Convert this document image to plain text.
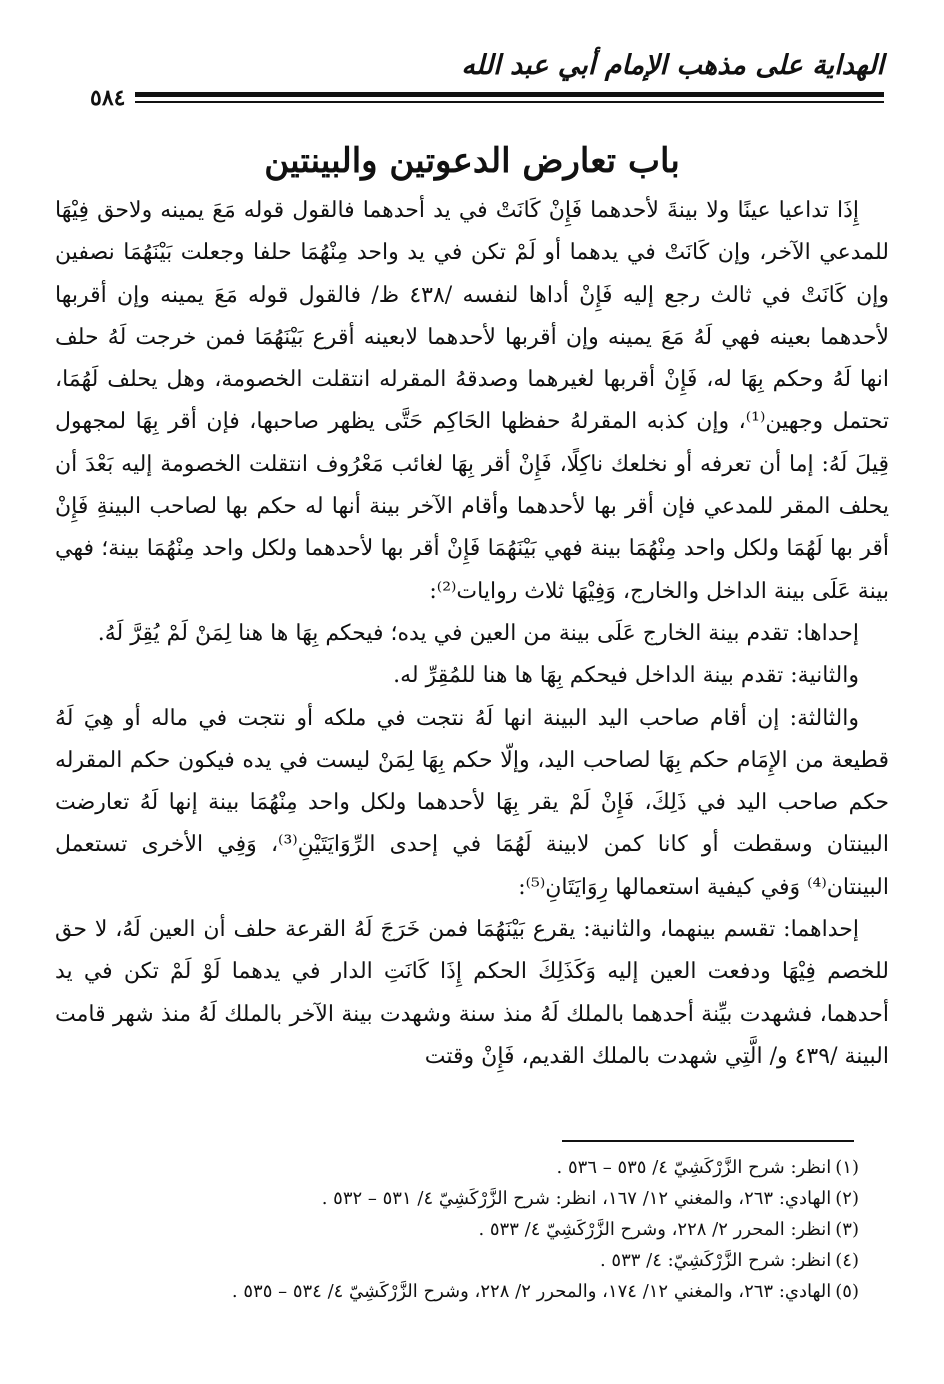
الهداية على مذهب الإمام أبي عبد الله
٥٨٤
باب تعارض الدعوتين والبينتين

إِذَا تداعيا عينًا ولا بينةَ لأحدهما فَإِنْ كَانَتْ في يد أحدهما فالقول قوله مَعَ يمينه ولاحق فِيْهَا للمدعي الآخر، وإن كَانَتْ في يدهما أو لَمْ تكن في يد واحد مِنْهُمَا حلفا وجعلت بَيْنَهُمَا نصفين وإن كَانَتْ في ثالث رجع إليه فَإِنْ أداها لنفسه /٤٣٨ ظ/ فالقول قوله مَعَ يمينه وإن أقربها لأحدهما بعينه فهي لَهُ مَعَ يمينه وإن أقربها لأحدهما لابعينه أقرع بَيْنَهُمَا فمن خرجت لَهُ حلف انها لَهُ وحكم بِهَا له، فَإِنْ أقربها لغيرهما وصدقهُ المقرله انتقلت الخصومة، وهل يحلف لَهُمَا، تحتمل وجهين⁽¹⁾، وإن كذبه المقرلهُ حفظها الحَاكِم حَتَّى يظهر صاحبها، فإن أقر بِهَا لمجهول قِيلَ لَهُ: إما أن تعرفه أو نخلعك ناكِلًا، فَإِنْ أقر بِهَا لغائب مَعْرُوف انتقلت الخصومة إليه بَعْدَ أن يحلف المقر للمدعي فإن أقر بها لأحدهما وأقام الآخر بينة أنها له حكم بها لصاحب البينةِ فَإِنْ أقر بها لَهُمَا ولكل واحد مِنْهُمَا بينة فهي بَيْنَهُمَا فَإِنْ أقر بها لأحدهما ولكل واحد مِنْهُمَا بينة؛ فهي بينة عَلَى بينة الداخل والخارج، وَفِيْهَا ثلاث روايات⁽²⁾:

إحداها: تقدم بينة الخارج عَلَى بينة من العين في يده؛ فيحكم بِهَا ها هنا لِمَنْ لَمْ يُقِرَّ لَهُ.

والثانية: تقدم بينة الداخل فيحكم بِهَا ها هنا للمُقِرِّ له.

والثالثة: إن أقام صاحب اليد البينة انها لَهُ نتجت في ملكه أو نتجت في ماله أو هِيَ لَهُ قطيعة من الإِمَام حكم بِهَا لصاحب اليد، وإلّا حكم بِهَا لِمَنْ ليست في يده فيكون حكم المقرله حكم صاحب اليد في ذَلِكَ، فَإِنْ لَمْ يقر بِهَا لأحدهما ولكل واحد مِنْهُمَا بينة إنها لَهُ تعارضت البينتان وسقطت أو كانا كمن لابينة لَهُمَا في إحدى الرِّوَايَتَيْنِ⁽³⁾، وَفِي الأخرى تستعمل البينتان⁽⁴⁾ وَفي كيفية استعمالها رِوَايَتَانِ⁽⁵⁾:

إحداهما: تقسم بينهما، والثانية: يقرع بَيْنَهُمَا فمن خَرَجَ لَهُ القرعة حلف أن العين لَهُ، لا حق للخصم فِيْهَا ودفعت العين إليه وَكَذَلِكَ الحكم إِذَا كَانَتِ الدار في يدهما لَوْ لَمْ تكن في يد أحدهما، فشهدت بيِّنة أحدهما بالملك لَهُ منذ سنة وشهدت بينة الآخر بالملك لَهُ منذ شهر قامت البينة /٤٣٩ و/ الَّتِي شهدت بالملك القديم، فَإِنْ وقتت

(١)انظر: شرح الزَّرْكَشِيّ ٤/ ٥٣٥ – ٥٣٦ .

(٢)الهادي: ٢٦٣، والمغني ١٢/ ١٦٧، انظر: شرح الزَّرْكَشِيّ ٤/ ٥٣١ – ٥٣٢ .

(٣)انظر: المحرر ٢/ ٢٢٨، وشرح الزَّرْكَشِيّ ٤/ ٥٣٣ .

(٤)انظر: شرح الزَّرْكَشِيّ: ٤/ ٥٣٣ .

(٥)الهادي: ٢٦٣، والمغني ١٢/ ١٧٤، والمحرر ٢/ ٢٢٨، وشرح الزَّرْكَشِيّ ٤/ ٥٣٤ – ٥٣٥ .
